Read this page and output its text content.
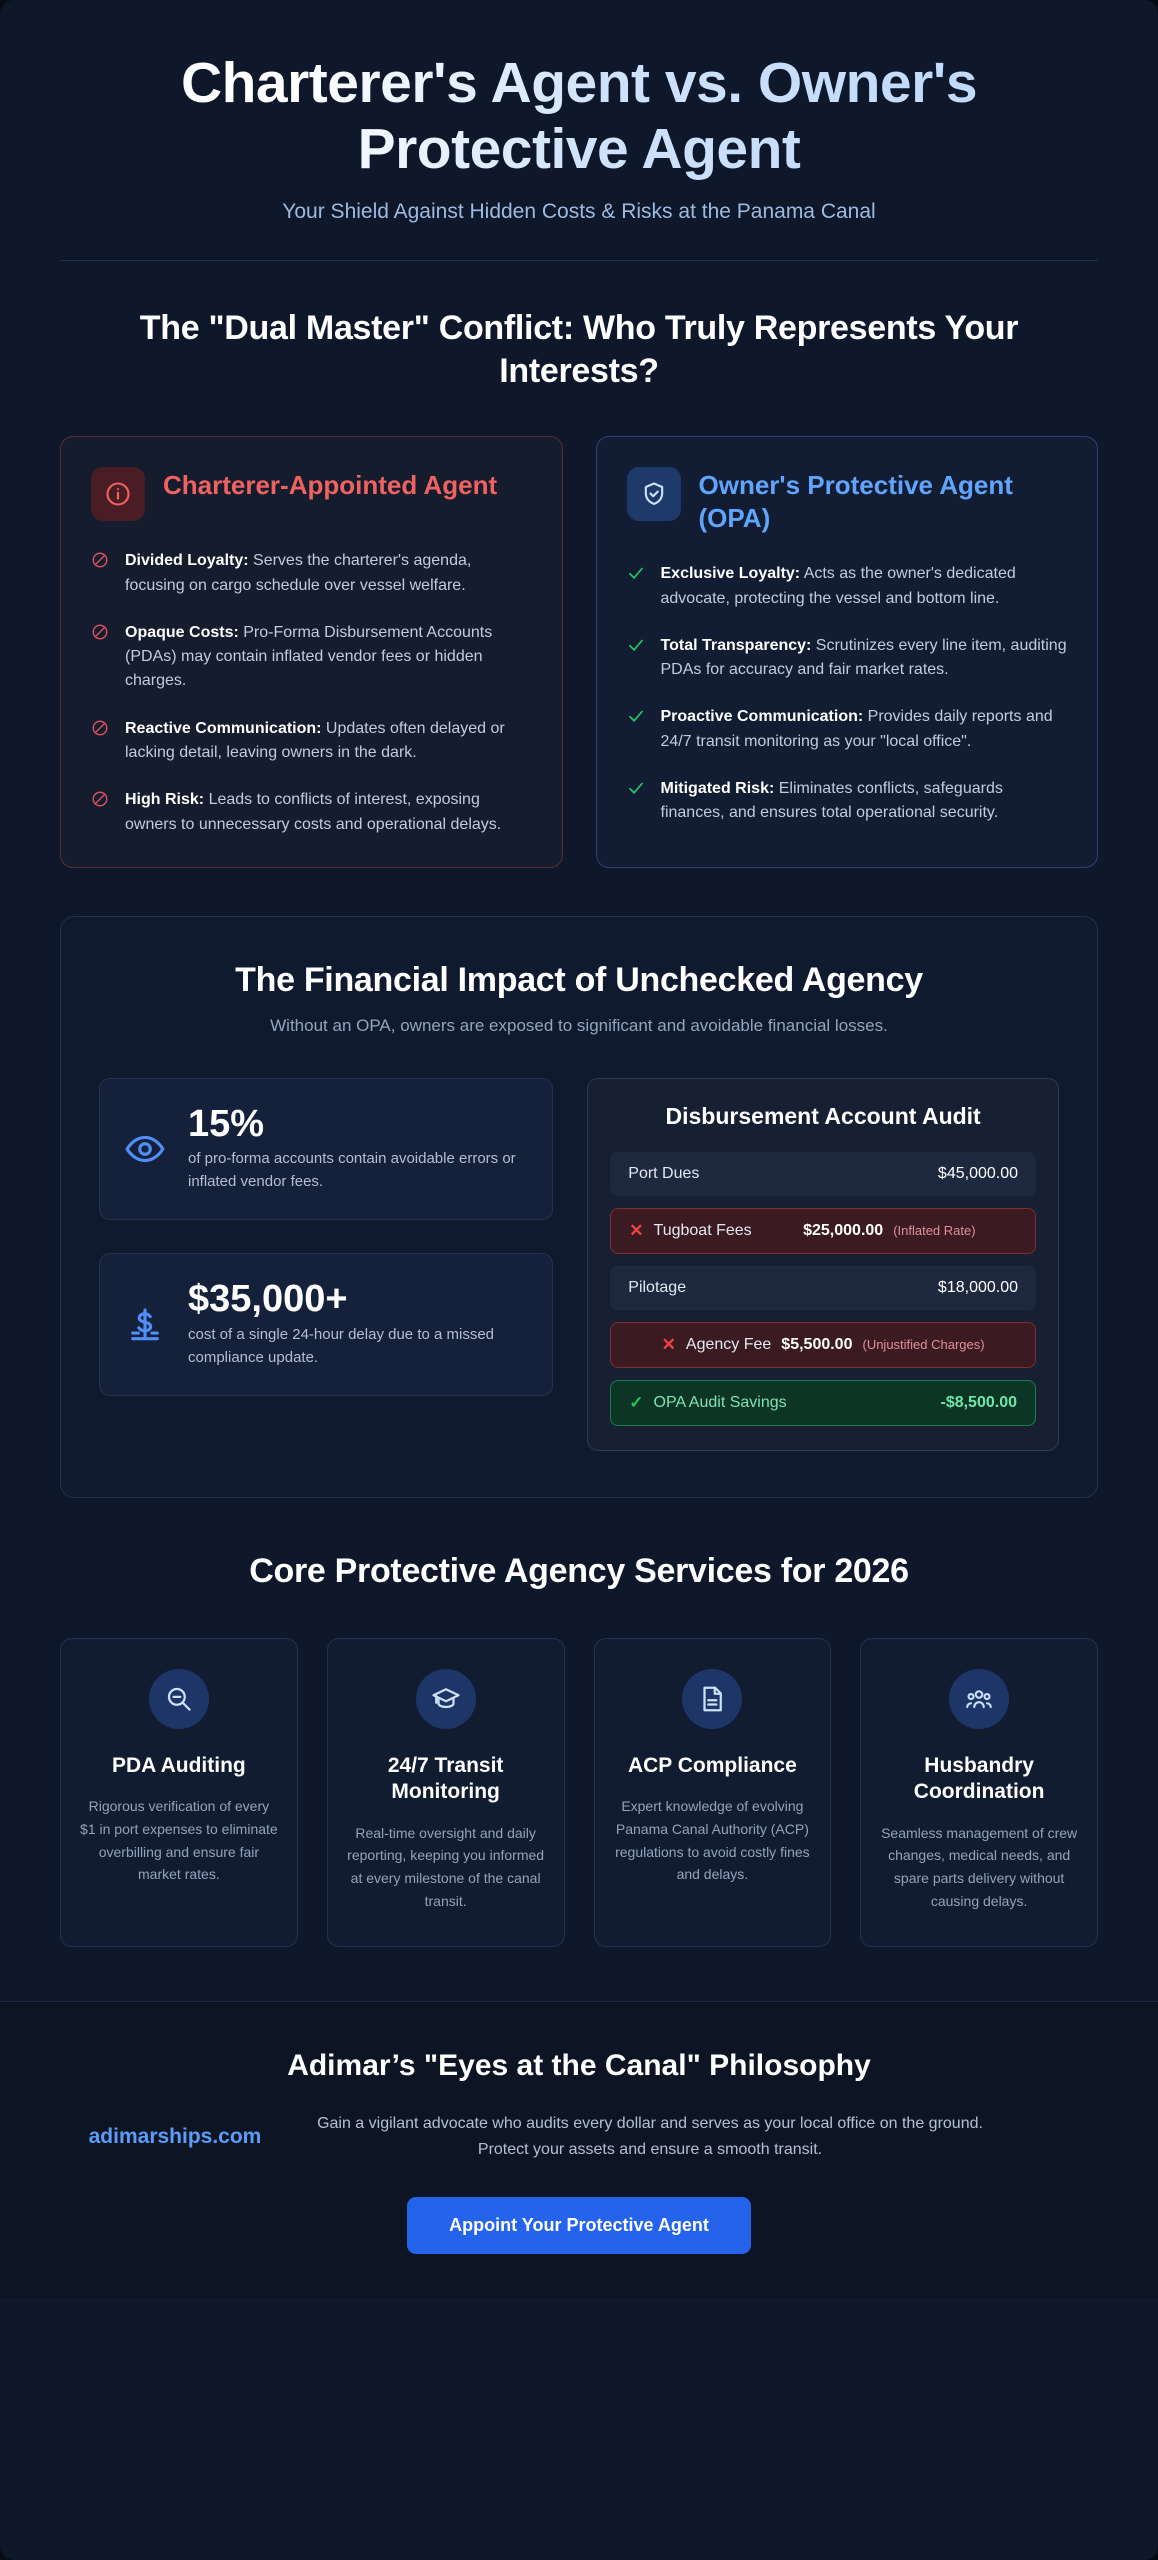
Charterer's Agent vs. Owner's Protective Agent
Your Shield Against Hidden Costs & Risks at the Panama Canal
The "Dual Master" Conflict: Who Truly Represents Your Interests?
Charterer-Appointed Agent
Divided Loyalty: Serves the charterer's agenda, focusing on cargo schedule over vessel welfare.
Opaque Costs: Pro-Forma Disbursement Accounts (PDAs) may contain inflated vendor fees or hidden charges.
Reactive Communication: Updates often delayed or lacking detail, leaving owners in the dark.
High Risk: Leads to conflicts of interest, exposing owners to unnecessary costs and operational delays.
Owner's Protective Agent (OPA)
Exclusive Loyalty: Acts as the owner's dedicated advocate, protecting the vessel and bottom line.
Total Transparency: Scrutinizes every line item, auditing PDAs for accuracy and fair market rates.
Proactive Communication: Provides daily reports and 24/7 transit monitoring as your "local office".
Mitigated Risk: Eliminates conflicts, safeguards finances, and ensures total operational security.
The Financial Impact of Unchecked Agency
Without an OPA, owners are exposed to significant and avoidable financial losses.
15%
of pro-forma accounts contain avoidable errors or inflated vendor fees.
$35,000+
cost of a single 24-hour delay due to a missed compliance update.
Disbursement Account Audit
Port Dues	$45,000.00
✕ Tugboat Fees	$25,000.00 (Inflated Rate)
Pilotage	$18,000.00
✕ Agency Fee $5,500.00 (Unjustified Charges)
✓ OPA Audit Savings	-$8,500.00
Core Protective Agency Services for 2026
PDA Auditing
Rigorous verification of every $1 in port expenses to eliminate overbilling and ensure fair market rates.
24/7 Transit Monitoring
Real-time oversight and daily reporting, keeping you informed at every milestone of the canal transit.
ACP Compliance
Expert knowledge of evolving Panama Canal Authority (ACP) regulations to avoid costly fines and delays.
Husbandry Coordination
Seamless management of crew changes, medical needs, and spare parts delivery without causing delays.
Adimar’s "Eyes at the Canal" Philosophy
adimarships.com
Gain a vigilant advocate who audits every dollar and serves as your local office on the ground. Protect your assets and ensure a smooth transit.
Appoint Your Protective Agent
